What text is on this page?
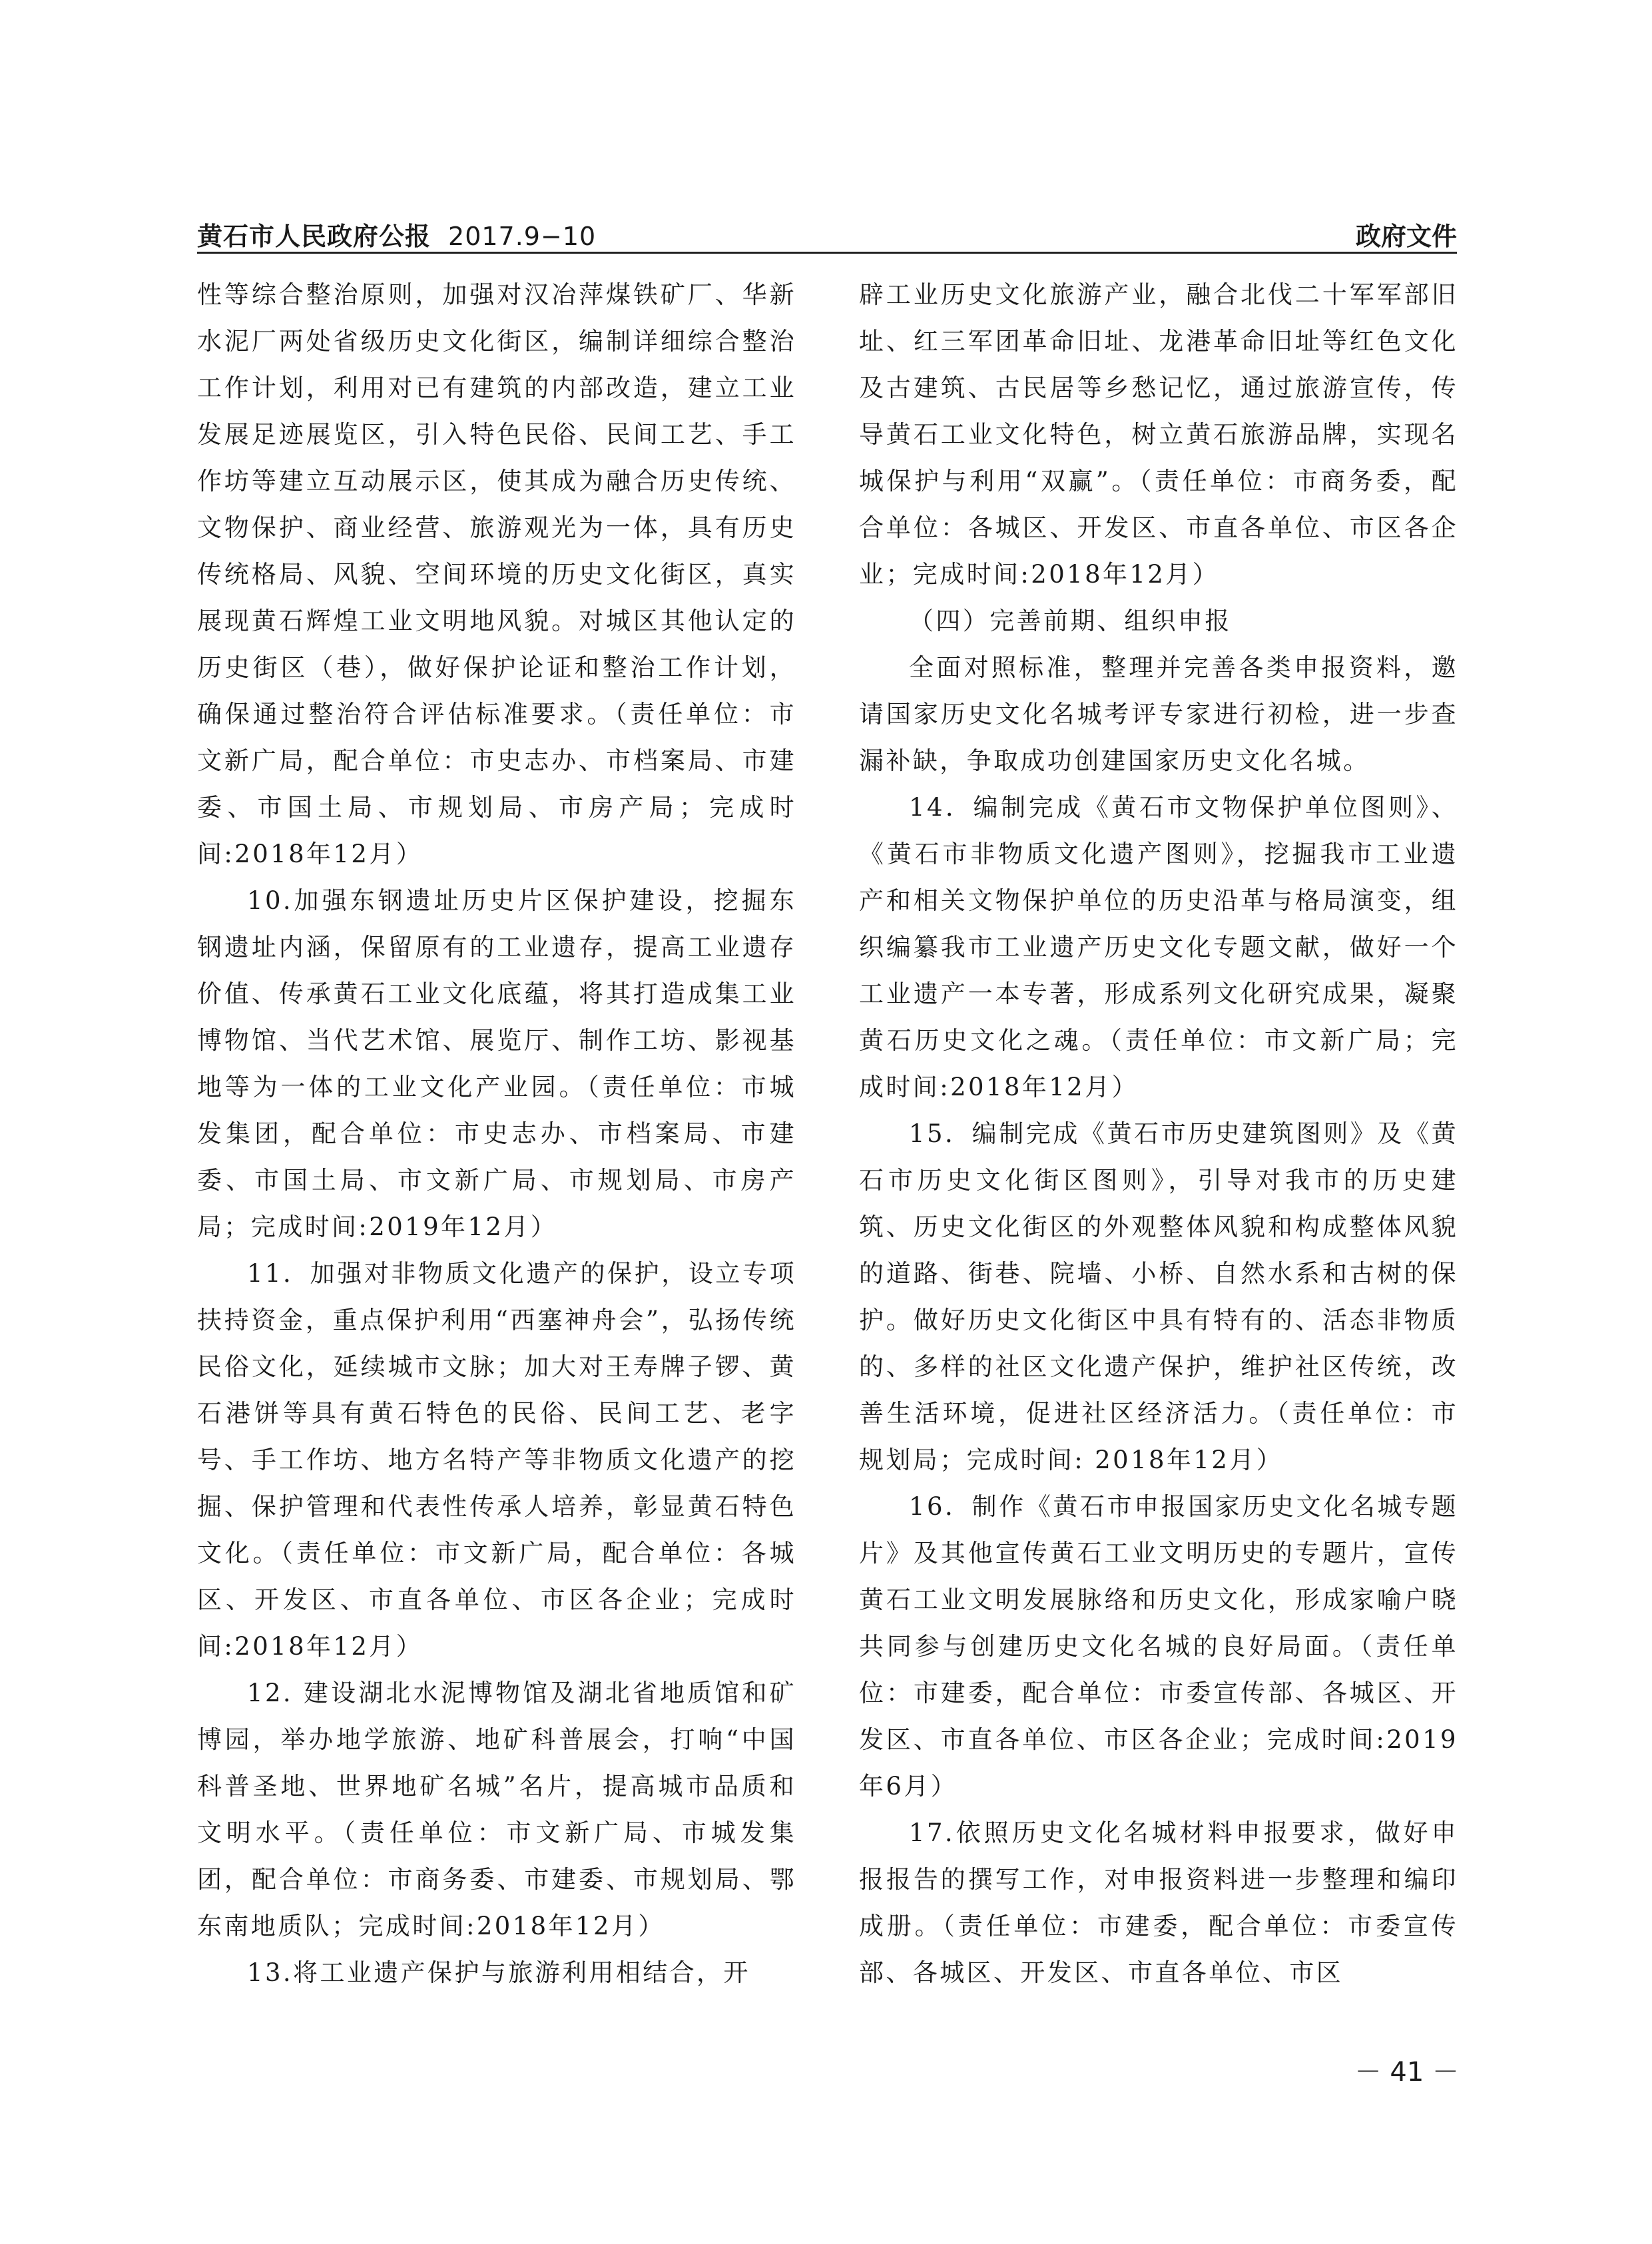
黄石市人民政府公报 2017.9−10	政府文件

性等综合整治原则，加强对汉冶萍煤铁矿厂、华新水泥厂两处省级历史文化街区，编制详细综合整治工作计划，利用对已有建筑的内部改造，建立工业发展足迹展览区，引入特色民俗、民间工艺、手工作坊等建立互动展示区，使其成为融合历史传统、文物保护、商业经营、旅游观光为一体，具有历史传统格局、风貌、空间环境的历史文化街区，真实展现黄石辉煌工业文明地风貌。对城区其他认定的历史街区（巷），做好保护论证和整治工作计划，确保通过整治符合评估标准要求。（责任单位：市文新广局，配合单位：市史志办、市档案局、市建委、市国土局、市规划局、市房产局；完成时间:2018年12月）

10.加强东钢遗址历史片区保护建设，挖掘东钢遗址内涵，保留原有的工业遗存，提高工业遗存价值、传承黄石工业文化底蕴，将其打造成集工业博物馆、当代艺术馆、展览厅、制作工坊、影视基地等为一体的工业文化产业园。（责任单位：市城发集团，配合单位：市史志办、市档案局、市建委、市国土局、市文新广局、市规划局、市房产局；完成时间:2019年12月）

11．加强对非物质文化遗产的保护，设立专项扶持资金，重点保护利用“西塞神舟会”，弘扬传统民俗文化，延续城市文脉；加大对王寿牌子锣、黄石港饼等具有黄石特色的民俗、民间工艺、老字号、手工作坊、地方名特产等非物质文化遗产的挖掘、保护管理和代表性传承人培养，彰显黄石特色文化。（责任单位：市文新广局，配合单位：各城区、开发区、市直各单位、市区各企业；完成时间:2018年12月）

12. 建设湖北水泥博物馆及湖北省地质馆和矿博园，举办地学旅游、地矿科普展会，打响“中国科普圣地、世界地矿名城”名片，提高城市品质和文明水平。（责任单位：市文新广局、市城发集团，配合单位：市商务委、市建委、市规划局、鄂东南地质队；完成时间:2018年12月）

13.将工业遗产保护与旅游利用相结合，开

辟工业历史文化旅游产业，融合北伐二十军军部旧址、红三军团革命旧址、龙港革命旧址等红色文化及古建筑、古民居等乡愁记忆，通过旅游宣传，传导黄石工业文化特色，树立黄石旅游品牌，实现名城保护与利用“双赢”。（责任单位：市商务委，配合单位：各城区、开发区、市直各单位、市区各企业；完成时间:2018年12月）

（四）完善前期、组织申报

全面对照标准，整理并完善各类申报资料，邀请国家历史文化名城考评专家进行初检，进一步查漏补缺，争取成功创建国家历史文化名城。

14．编制完成《黄石市文物保护单位图则》、《黄石市非物质文化遗产图则》，挖掘我市工业遗产和相关文物保护单位的历史沿革与格局演变，组织编纂我市工业遗产历史文化专题文献，做好一个工业遗产一本专著，形成系列文化研究成果，凝聚黄石历史文化之魂。（责任单位：市文新广局；完成时间:2018年12月）

15．编制完成《黄石市历史建筑图则》及《黄石市历史文化街区图则》，引导对我市的历史建筑、历史文化街区的外观整体风貌和构成整体风貌的道路、街巷、院墙、小桥、自然水系和古树的保护。做好历史文化街区中具有特有的、活态非物质的、多样的社区文化遗产保护，维护社区传统，改善生活环境，促进社区经济活力。（责任单位：市规划局；完成时间: 2018年12月）

16．制作《黄石市申报国家历史文化名城专题片》及其他宣传黄石工业文明历史的专题片，宣传黄石工业文明发展脉络和历史文化，形成家喻户晓共同参与创建历史文化名城的良好局面。（责任单位：市建委，配合单位：市委宣传部、各城区、开发区、市直各单位、市区各企业；完成时间:2019年6月）

17.依照历史文化名城材料申报要求，做好申报报告的撰写工作，对申报资料进一步整理和编印成册。（责任单位：市建委，配合单位：市委宣传部、各城区、开发区、市直各单位、市区

－ 41 －
